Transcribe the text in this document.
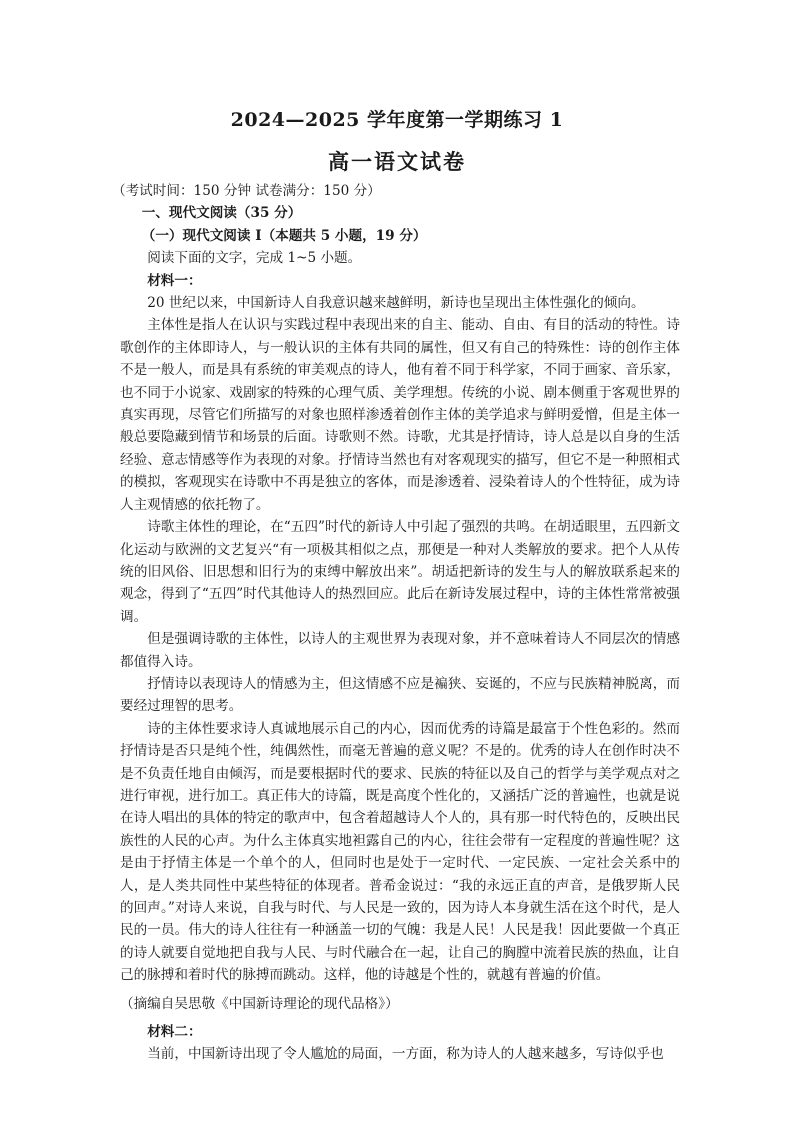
2024—2025 学年度第一学期练习 1
高一语文试卷

（考试时间：150 分钟 试卷满分：150 分）

一、现代文阅读（35 分）

（一）现代文阅读 Ⅰ（本题共 5 小题，19 分）

阅读下面的文字，完成 1~5 小题。

材料一：

20 世纪以来，中国新诗人自我意识越来越鲜明，新诗也呈现出主体性强化的倾向。

主体性是指人在认识与实践过程中表现出来的自主、能动、自由、有目的活动的特性。诗歌创作的主体即诗人，与一般认识的主体有共同的属性，但又有自己的特殊性：诗的创作主体不是一般人，而是具有系统的审美观点的诗人，他有着不同于科学家，不同于画家、音乐家，也不同于小说家、戏剧家的特殊的心理气质、美学理想。传统的小说、剧本侧重于客观世界的真实再现，尽管它们所描写的对象也照样渗透着创作主体的美学追求与鲜明爱憎，但是主体一般总要隐藏到情节和场景的后面。诗歌则不然。诗歌，尤其是抒情诗，诗人总是以自身的生活经验、意志情感等作为表现的对象。抒情诗当然也有对客观现实的描写，但它不是一种照相式的模拟，客观现实在诗歌中不再是独立的客体，而是渗透着、浸染着诗人的个性特征，成为诗人主观情感的依托物了。

诗歌主体性的理论，在“五四”时代的新诗人中引起了强烈的共鸣。在胡适眼里，五四新文化运动与欧洲的文艺复兴“有一项极其相似之点，那便是一种对人类解放的要求。把个人从传统的旧风俗、旧思想和旧行为的束缚中解放出来”。胡适把新诗的发生与人的解放联系起来的观念，得到了“五四”时代其他诗人的热烈回应。此后在新诗发展过程中，诗的主体性常常被强调。

但是强调诗歌的主体性，以诗人的主观世界为表现对象，并不意味着诗人不同层次的情感都值得入诗。

抒情诗以表现诗人的情感为主，但这情感不应是褊狭、妄诞的，不应与民族精神脱离，而要经过理智的思考。

诗的主体性要求诗人真诚地展示自己的内心，因而优秀的诗篇是最富于个性色彩的。然而抒情诗是否只是纯个性，纯偶然性，而毫无普遍的意义呢？不是的。优秀的诗人在创作时决不是不负责任地自由倾泻，而是要根据时代的要求、民族的特征以及自己的哲学与美学观点对之进行审视，进行加工。真正伟大的诗篇，既是高度个性化的，又涵括广泛的普遍性，也就是说在诗人唱出的具体的特定的歌声中，包含着超越诗人个人的，具有那一时代特色的，反映出民族性的人民的心声。为什么主体真实地袒露自己的内心，往往会带有一定程度的普遍性呢？这是由于抒情主体是一个单个的人，但同时也是处于一定时代、一定民族、一定社会关系中的人，是人类共同性中某些特征的体现者。普希金说过：“我的永远正直的声音，是俄罗斯人民的回声。”对诗人来说，自我与时代、与人民是一致的，因为诗人本身就生活在这个时代，是人民的一员。伟大的诗人往往有一种涵盖一切的气魄：我是人民！人民是我！因此要做一个真正的诗人就要自觉地把自我与人民、与时代融合在一起，让自己的胸膛中流着民族的热血，让自己的脉搏和着时代的脉搏而跳动。这样，他的诗越是个性的，就越有普遍的价值。

（摘编自吴思敬《中国新诗理论的现代品格》）

材料二：

当前，中国新诗出现了令人尴尬的局面，一方面，称为诗人的人越来越多，写诗似乎也
